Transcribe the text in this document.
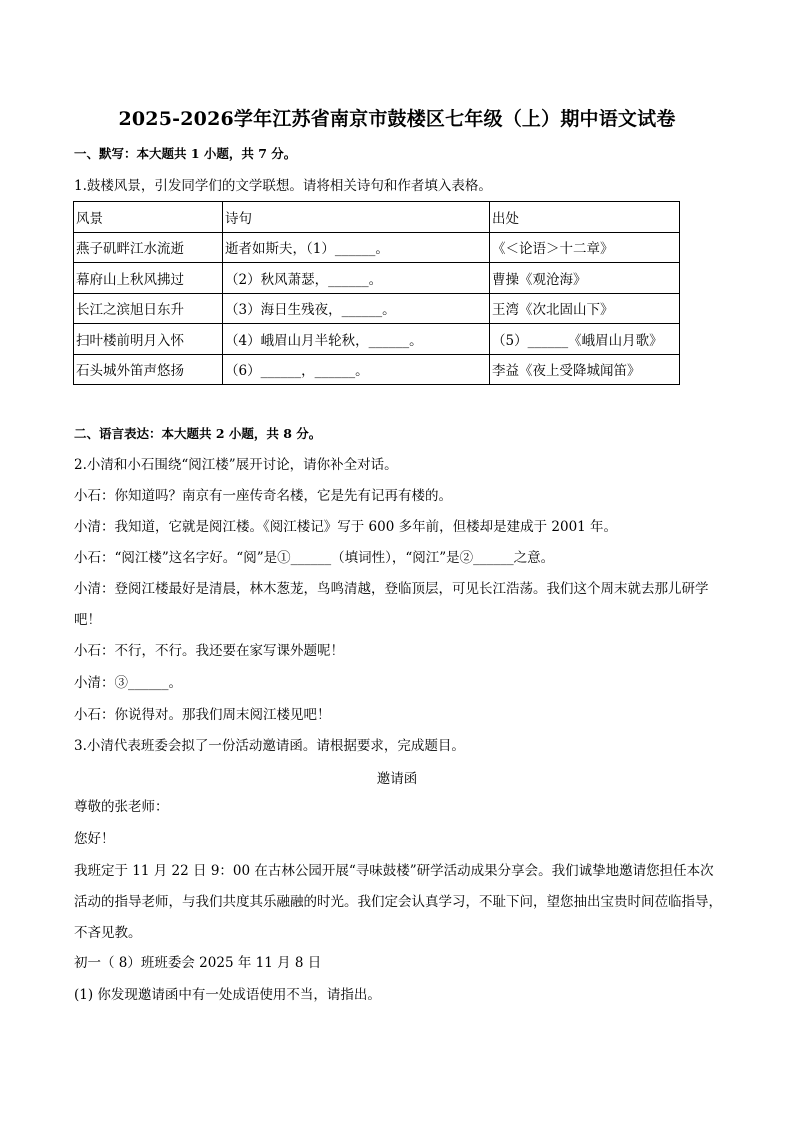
2025-2026学年江苏省南京市鼓楼区七年级（上）期中语文试卷
一、默写：本大题共 1 小题，共 7 分。
1.鼓楼风景，引发同学们的文学联想。请将相关诗句和作者填入表格。
风景	诗句	出处
燕子矶畔江水流逝	逝者如斯夫，（1）______。	《＜论语＞十二章》
幕府山上秋风拂过	（2）秋风萧瑟，______。	曹操《观沧海》
长江之滨旭日东升	（3）海日生残夜，______。	王湾《次北固山下》
扫叶楼前明月入怀	（4）峨眉山月半轮秋，______。	（5）______《峨眉山月歌》
石头城外笛声悠扬	（6）______，______。	李益《夜上受降城闻笛》
二、语言表达：本大题共 2 小题，共 8 分。
2.小清和小石围绕“阅江楼”展开讨论，请你补全对话。
小石：你知道吗？南京有一座传奇名楼，它是先有记再有楼的。
小清：我知道，它就是阅江楼。《阅江楼记》写于 600 多年前，但楼却是建成于 2001 年。
小石：“阅江楼”这名字好。“阅”是①______（填词性），“阅江”是②______之意。
小清：登阅江楼最好是清晨，林木葱茏，鸟鸣清越，登临顶层，可见长江浩荡。我们这个周末就去那儿研学吧！
小石：不行，不行。我还要在家写课外题呢！
小清：③______。
小石：你说得对。那我们周末阅江楼见吧！
3.小清代表班委会拟了一份活动邀请函。请根据要求，完成题目。
邀请函
尊敬的张老师：
您好！
我班定于 11 月 22 日 9：00 在古林公园开展“寻味鼓楼”研学活动成果分享会。我们诚挚地邀请您担任本次活动的指导老师，与我们共度其乐融融的时光。我们定会认真学习，不耻下问，望您抽出宝贵时间莅临指导，不吝见教。
初一（ 8）班班委会 2025 年 11 月 8 日
(1) 你发现邀请函中有一处成语使用不当，请指出。
